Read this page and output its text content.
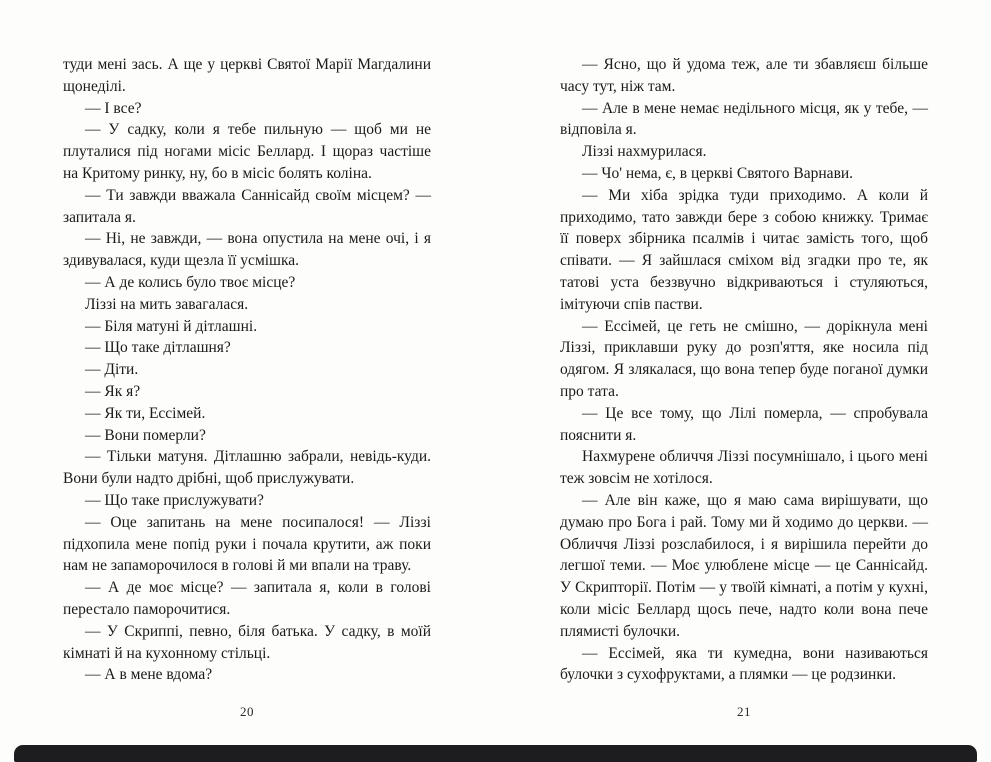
туди мені зась. А ще у церкві Святої Марії Магдалини щонеділі.

— І все?

— У садку, коли я тебе пильную — щоб ми не плуталися під ногами місіс Беллард. І щораз частіше на Критому ринку, ну, бо в місіс болять коліна.

— Ти завжди вважала Саннісайд своїм місцем? — запитала я.

— Ні, не завжди, — вона опустила на мене очі, і я здивувалася, куди щезла її усмішка.

— А де колись було твоє місце?

Ліззі на мить завагалася.

— Біля матуні й дітлашні.

— Що таке дітлашня?

— Діти.

— Як я?

— Як ти, Ессімей.

— Вони померли?

— Тільки матуня. Дітлашню забрали, невідь-куди. Вони були надто дрібні, щоб прислужувати.

— Що таке прислужувати?

— Оце запитань на мене посипалося! — Ліззі підхопила мене попід руки і почала крутити, аж поки нам не запаморочилося в голові й ми впали на траву.

— А де моє місце? — запитала я, коли в голові перестало паморочитися.

— У Скриппі, певно, біля батька. У садку, в моїй кімнаті й на кухонному стільці.

— А в мене вдома?

— Ясно, що й удома теж, але ти збавляєш більше часу тут, ніж там.

— Але в мене немає недільного місця, як у тебе, — відповіла я.

Ліззі нахмурилася.

— Чо' нема, є, в церкві Святого Варнави.

— Ми хіба зрідка туди приходимо. А коли й приходимо, тато завжди бере з собою книжку. Тримає її поверх збірника псалмів і читає замість того, щоб співати. — Я зайшлася сміхом від згадки про те, як татові уста беззвучно відкриваються і стуляються, імітуючи спів пастви.

— Ессімей, це геть не смішно, — дорікнула мені Ліззі, приклавши руку до розп'яття, яке носила під одягом. Я злякалася, що вона тепер буде поганої думки про тата.

— Це все тому, що Лілі померла, — спробувала пояснити я.

Нахмурене обличчя Ліззі посумнішало, і цього мені теж зовсім не хотілося.

— Але він каже, що я маю сама вирішувати, що думаю про Бога і рай. Тому ми й ходимо до церкви. — Обличчя Ліззі розслабилося, і я вирішила перейти до легшої теми. — Моє улюблене місце — це Саннісайд. У Скрипторії. Потім — у твоїй кімнаті, а потім у кухні, коли місіс Беллард щось пече, надто коли вона пече плямисті булочки.

— Ессімей, яка ти кумедна, вони називаються булочки з сухофруктами, а плямки — це родзинки.

20	21
